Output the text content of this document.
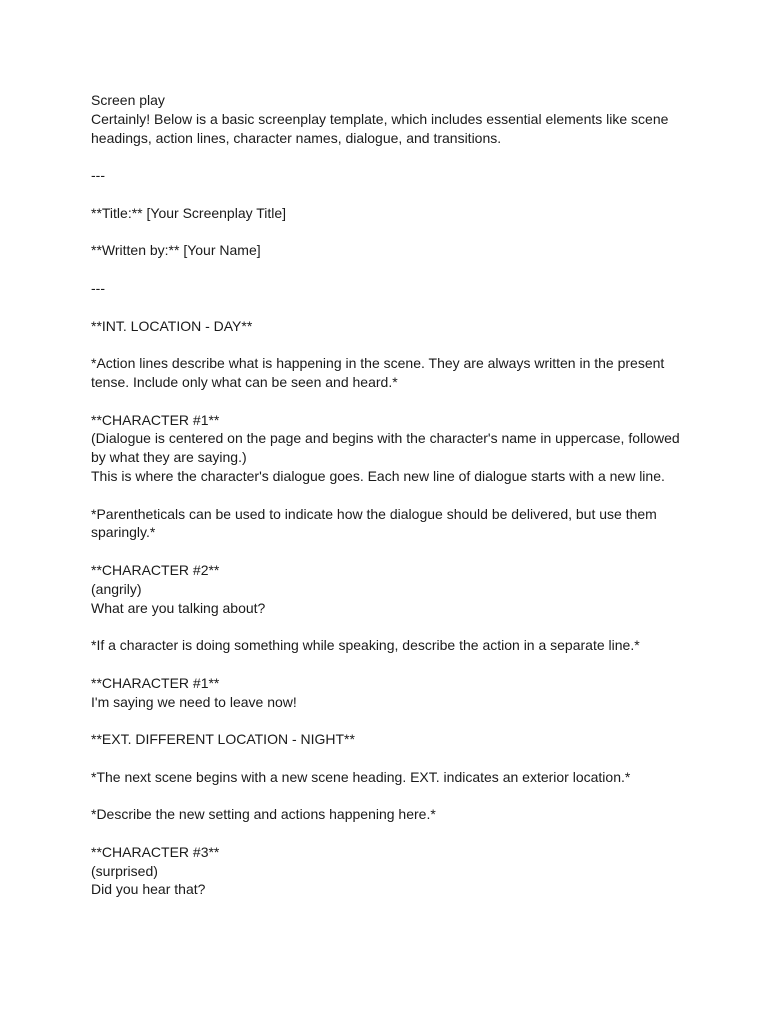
Screen play
Certainly! Below is a basic screenplay template, which includes essential elements like scene headings, action lines, character names, dialogue, and transitions.
---
**Title:** [Your Screenplay Title]
**Written by:** [Your Name]
---
**INT. LOCATION - DAY**
*Action lines describe what is happening in the scene. They are always written in the present tense. Include only what can be seen and heard.*
**CHARACTER #1**
(Dialogue is centered on the page and begins with the character's name in uppercase, followed by what they are saying.)
This is where the character's dialogue goes. Each new line of dialogue starts with a new line.
*Parentheticals can be used to indicate how the dialogue should be delivered, but use them sparingly.*
**CHARACTER #2**
(angrily)
What are you talking about?
*If a character is doing something while speaking, describe the action in a separate line.*
**CHARACTER #1**
I'm saying we need to leave now!
**EXT. DIFFERENT LOCATION - NIGHT**
*The next scene begins with a new scene heading. EXT. indicates an exterior location.*
*Describe the new setting and actions happening here.*
**CHARACTER #3**
(surprised)
Did you hear that?
